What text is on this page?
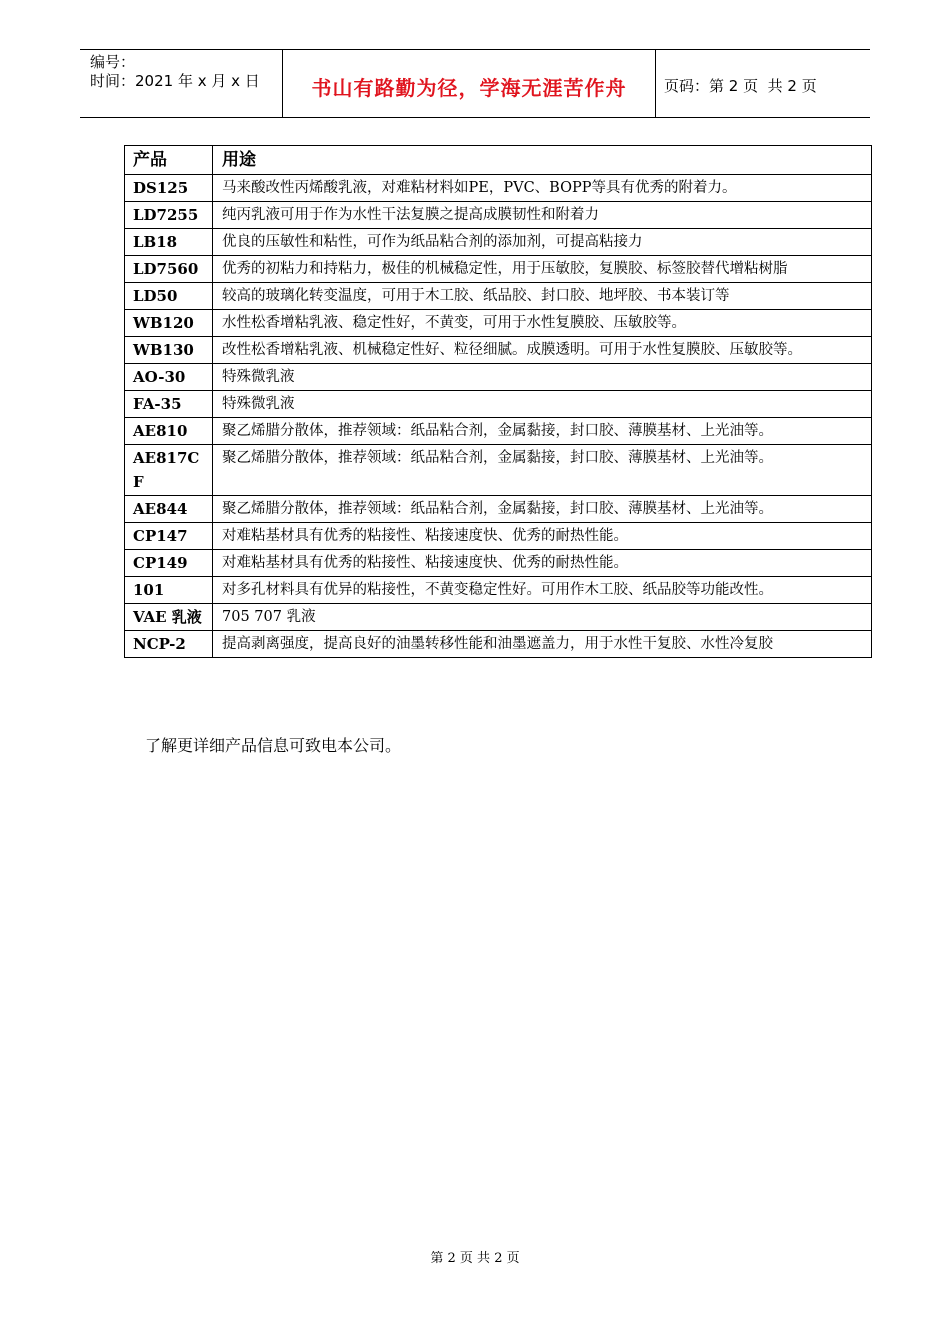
编号：
时间：2021 年 x 月 x 日	书山有路勤为径，学海无涯苦作舟	页码：第 2 页  共 2 页
产品	用途
DS125	马来酸改性丙烯酸乳液，对难粘材料如PE，PVC、BOPP等具有优秀的附着力。
LD7255	纯丙乳液可用于作为水性干法复膜之提高成膜韧性和附着力
LB18	优良的压敏性和粘性，可作为纸品粘合剂的添加剂，可提高粘接力
LD7560	优秀的初粘力和持粘力，极佳的机械稳定性，用于压敏胶，复膜胶、标签胶替代增粘树脂
LD50	较高的玻璃化转变温度，可用于木工胶、纸品胶、封口胶、地坪胶、书本装订等
WB120	水性松香增粘乳液、稳定性好，不黄变，可用于水性复膜胶、压敏胶等。
WB130	改性松香增粘乳液、机械稳定性好、粒径细腻。成膜透明。可用于水性复膜胶、压敏胶等。
AO-30	特殊微乳液
FA-35	特殊微乳液
AE810	聚乙烯腊分散体，推荐领域：纸品粘合剂，金属黏接，封口胶、薄膜基材、上光油等。
AE817CF	聚乙烯腊分散体，推荐领域：纸品粘合剂，金属黏接，封口胶、薄膜基材、上光油等。
AE844	聚乙烯腊分散体，推荐领域：纸品粘合剂，金属黏接，封口胶、薄膜基材、上光油等。
CP147	对难粘基材具有优秀的粘接性、粘接速度快、优秀的耐热性能。
CP149	对难粘基材具有优秀的粘接性、粘接速度快、优秀的耐热性能。
101	对多孔材料具有优异的粘接性，不黄变稳定性好。可用作木工胶、纸品胶等功能改性。
VAE 乳液	705 707 乳液
NCP-2	提高剥离强度，提高良好的油墨转移性能和油墨遮盖力，用于水性干复胶、水性冷复胶
了解更详细产品信息可致电本公司。
第 2 页 共 2 页
